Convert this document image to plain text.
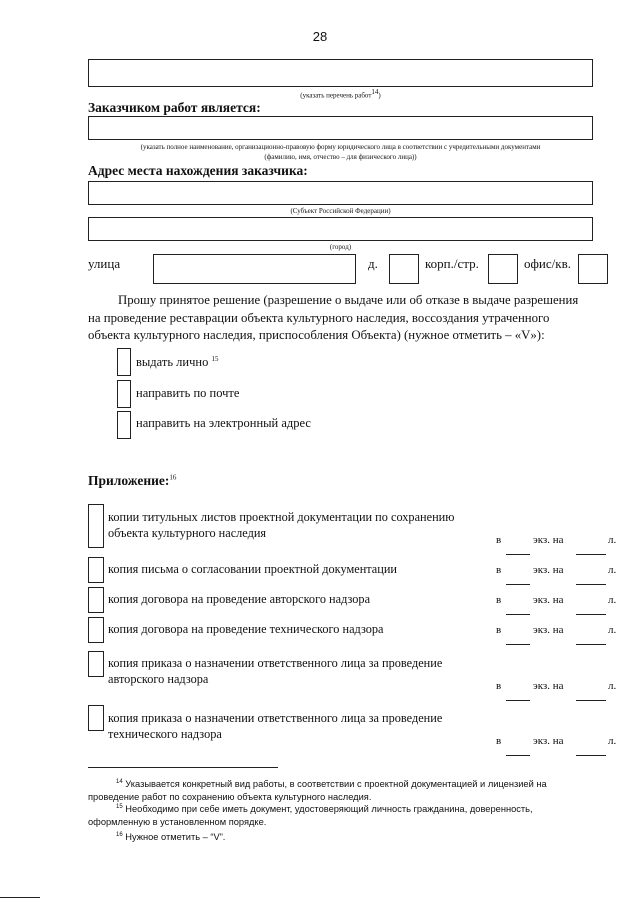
28
(указать перечень работ14)
Заказчиком работ является:
(указать полное наименование, организационно-правовую форму юридического лица в соответствии с учредительными документами
(фамилию, имя, отчество – для физического лица))
Адрес места нахождения заказчика:
(Субъект Российской Федерации)
(город)
улица	д.	корп./стр.	офис/кв.
Прошу принятое решение (разрешение о выдаче или об отказе в выдаче разрешения
на проведение реставрации объекта культурного наследия, воссоздания утраченного
объекта культурного наследия, приспособления Объекта) (нужное отметить – «V»):
выдать лично $^{15}$
направить по почте
направить на электронный адрес
Приложение:$^{16}$
копии титульных листов проектной документации по сохранению
объекта культурного наследия	в	экз. на	л.
копия письма о согласовании проектной документации	в	экз. на	л.
копия договора на проведение авторского надзора	в	экз. на	л.
копия договора на проведение технического надзора	в	экз. на	л.
копия приказа о назначении ответственного лица за проведение
авторского надзора	в	экз. на	л.
копия приказа о назначении ответственного лица за проведение
технического надзора	в	экз. на	л.
$^{14}$ Указывается конкретный вид работы, в соответствии с проектной документацией и лицензией на
проведение работ по сохранению объекта культурного наследия.
$^{15}$ Необходимо при себе иметь документ, удостоверяющий личность гражданина, доверенность,
оформленную в установленном порядке.
$^{16}$ Нужное отметить – “V”.
